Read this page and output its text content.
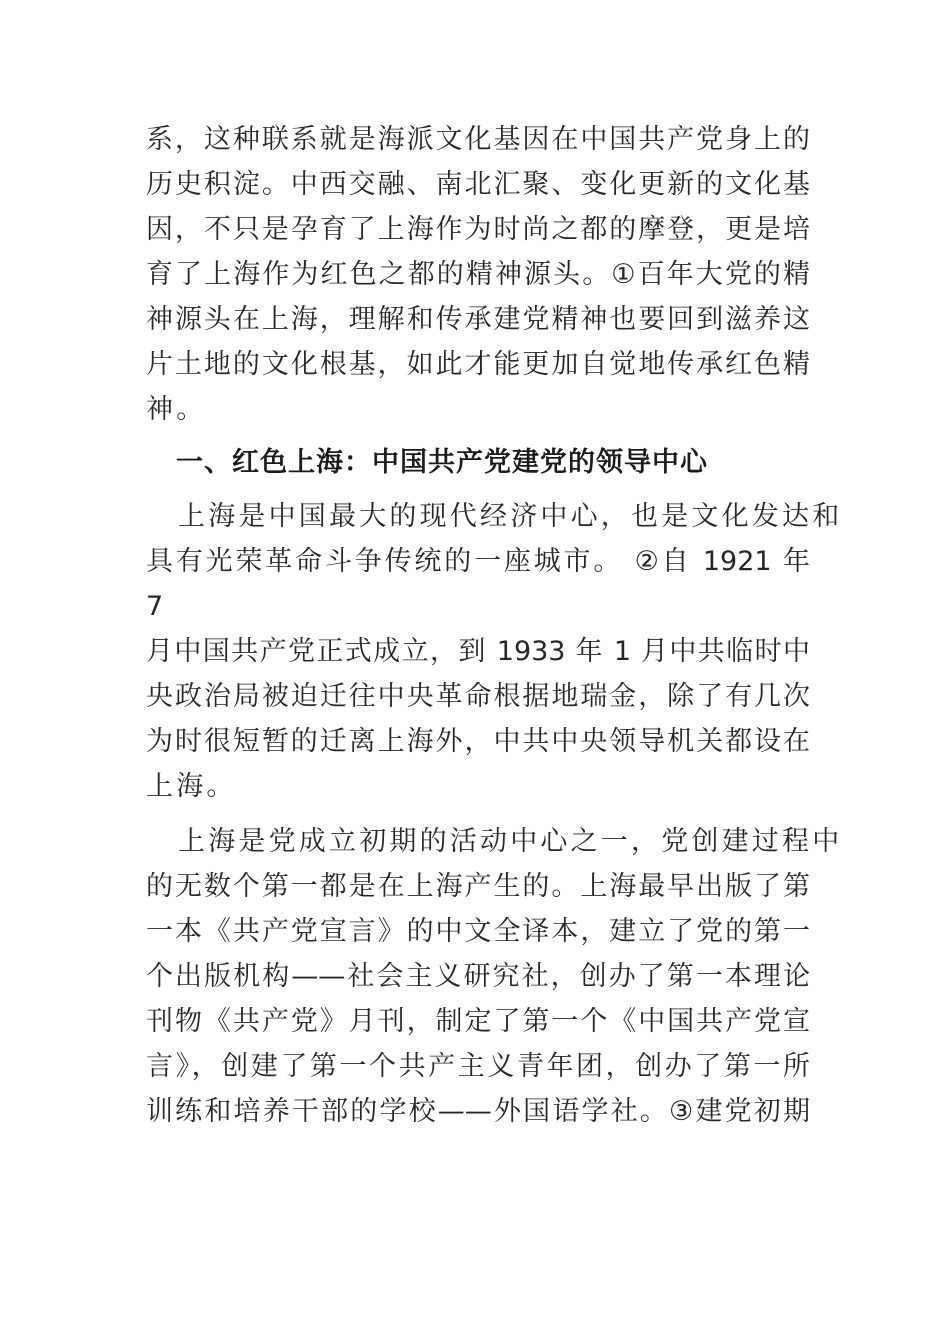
系，这种联系就是海派文化基因在中国共产党身上的
历史积淀。中西交融、南北汇聚、变化更新的文化基
因，不只是孕育了上海作为时尚之都的摩登，更是培
育了上海作为红色之都的精神源头。①百年大党的精
神源头在上海，理解和传承建党精神也要回到滋养这
片土地的文化根基，如此才能更加自觉地传承红色精
神。
一、红色上海：中国共产党建党的领导中心
上海是中国最大的现代经济中心，也是文化发达和
具有光荣革命斗争传统的一座城市。 ②自 1921 年
7
月中国共产党正式成立，到 1933 年 1 月中共临时中
央政治局被迫迁往中央革命根据地瑞金，除了有几次
为时很短暂的迁离上海外，中共中央领导机关都设在
上海。
上海是党成立初期的活动中心之一，党创建过程中
的无数个第一都是在上海产生的。上海最早出版了第
一本《共产党宣言》的中文全译本，建立了党的第一
个出版机构——社会主义研究社，创办了第一本理论
刊物《共产党》月刊，制定了第一个《中国共产党宣
言》，创建了第一个共产主义青年团，创办了第一所
训练和培养干部的学校——外国语学社。③建党初期
